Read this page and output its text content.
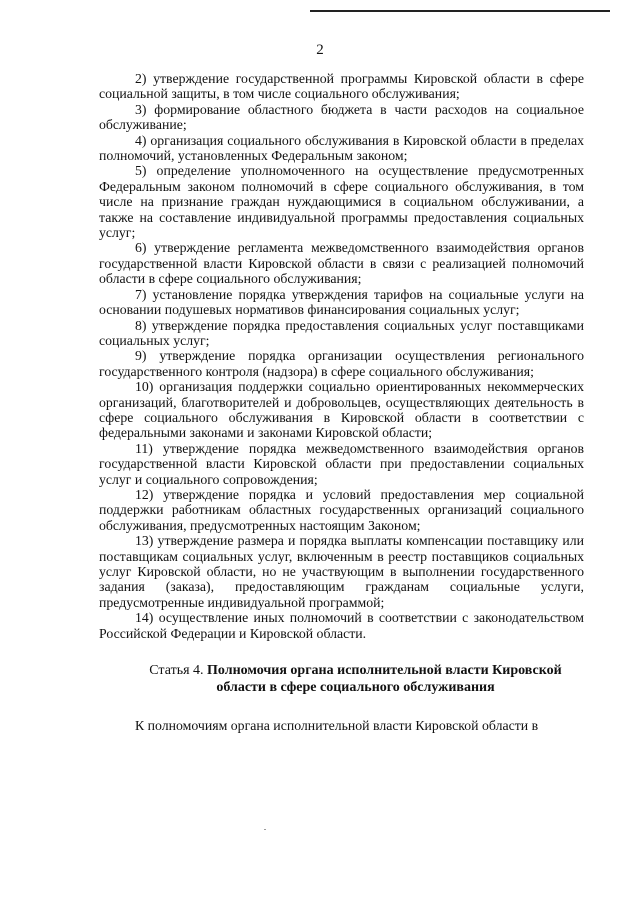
2

2) утверждение государственной программы Кировской области в сфере социальной защиты, в том числе социального обслуживания;

3) формирование областного бюджета в части расходов на социальное обслуживание;

4) организация социального обслуживания в Кировской области в пределах полномочий, установленных Федеральным законом;

5) определение уполномоченного на осуществление предусмотренных Федеральным законом полномочий в сфере социального обслуживания, в том числе на признание граждан нуждающимися в социальном обслуживании, а также на составление индивидуальной программы предоставления социальных услуг;

6) утверждение регламента межведомственного взаимодействия органов государственной власти Кировской области в связи с реализацией полномочий области в сфере социального обслуживания;

7) установление порядка утверждения тарифов на социальные услуги на основании подушевых нормативов финансирования социальных услуг;

8) утверждение порядка предоставления социальных услуг поставщиками социальных услуг;

9) утверждение порядка организации осуществления регионального государственного контроля (надзора) в сфере социального обслуживания;

10) организация поддержки социально ориентированных некоммерческих организаций, благотворителей и добровольцев, осуществляющих деятельность в сфере социального обслуживания в Кировской области в соответствии с федеральными законами и законами Кировской области;

11) утверждение порядка межведомственного взаимодействия органов государственной власти Кировской области при предоставлении социальных услуг и социального сопровождения;

12) утверждение порядка и условий предоставления мер социальной поддержки работникам областных государственных организаций социального обслуживания, предусмотренных настоящим Законом;

13) утверждение размера и порядка выплаты компенсации поставщику или поставщикам социальных услуг, включенным в реестр поставщиков социальных услуг Кировской области, но не участвующим в выполнении государственного задания (заказа), предоставляющим гражданам социальные услуги, предусмотренные индивидуальной программой;

14) осуществление иных полномочий в соответствии с законодательством Российской Федерации и Кировской области.

Статья 4. Полномочия органа исполнительной власти Кировской области в сфере социального обслуживания

К полномочиям органа исполнительной власти Кировской области в
